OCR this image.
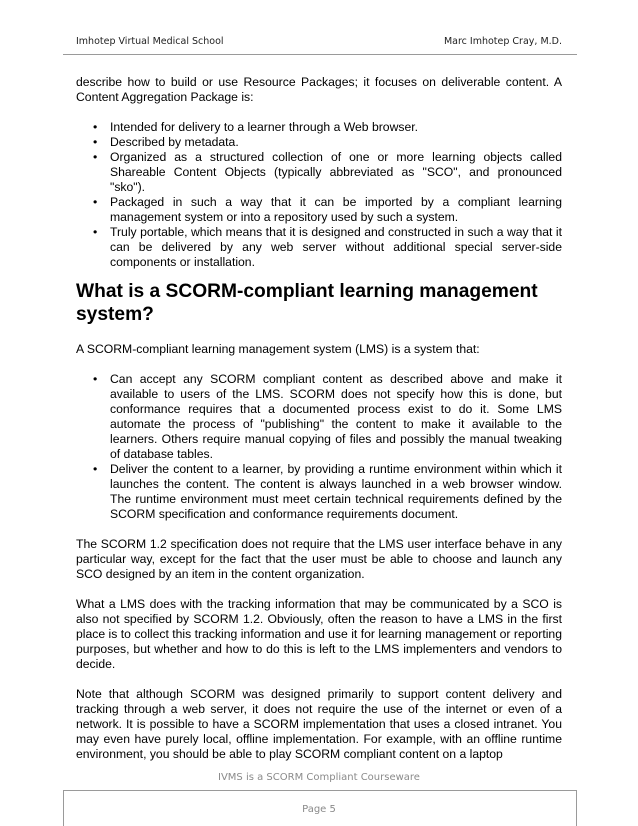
Imhotep Virtual Medical School	Marc Imhotep Cray, M.D.

describe how to build or use Resource Packages; it focuses on deliverable content. A Content Aggregation Package is:

• Intended for delivery to a learner through a Web browser.
• Described by metadata.
• Organized as a structured collection of one or more learning objects called Shareable Content Objects (typically abbreviated as "SCO", and pronounced "sko").
• Packaged in such a way that it can be imported by a compliant learning management system or into a repository used by such a system.
• Truly portable, which means that it is designed and constructed in such a way that it can be delivered by any web server without additional special server-side components or installation.
What is a SCORM-compliant learning management system?

A SCORM-compliant learning management system (LMS) is a system that:

• Can accept any SCORM compliant content as described above and make it available to users of the LMS. SCORM does not specify how this is done, but conformance requires that a documented process exist to do it. Some LMS automate the process of "publishing" the content to make it available to the learners. Others require manual copying of files and possibly the manual tweaking of database tables.
• Deliver the content to a learner, by providing a runtime environment within which it launches the content. The content is always launched in a web browser window. The runtime environment must meet certain technical requirements defined by the SCORM specification and conformance requirements document.

The SCORM 1.2 specification does not require that the LMS user interface behave in any particular way, except for the fact that the user must be able to choose and launch any SCO designed by an item in the content organization.

What a LMS does with the tracking information that may be communicated by a SCO is also not specified by SCORM 1.2. Obviously, often the reason to have a LMS in the first place is to collect this tracking information and use it for learning management or reporting purposes, but whether and how to do this is left to the LMS implementers and vendors to decide.

Note that although SCORM was designed primarily to support content delivery and tracking through a web server, it does not require the use of the internet or even of a network. It is possible to have a SCORM implementation that uses a closed intranet. You may even have purely local, offline implementation. For example, with an offline runtime environment, you should be able to play SCORM compliant content on a laptop

IVMS is a SCORM Compliant Courseware
Page 5
